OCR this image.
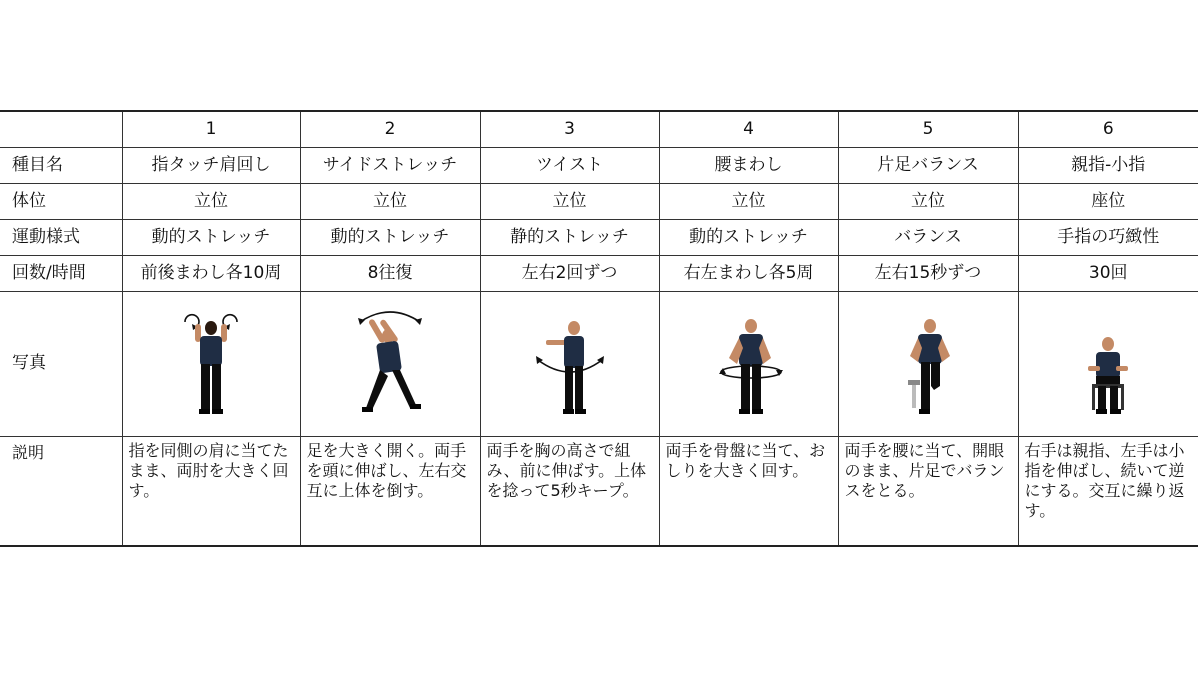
	1	2	3	4	5	6
種目名	指タッチ肩回し	サイドストレッチ	ツイスト	腰まわし	片足バランス	親指-小指
体位	立位	立位	立位	立位	立位	座位
運動様式	動的ストレッチ	動的ストレッチ	静的ストレッチ	動的ストレッチ	バランス	手指の巧緻性
回数/時間	前後まわし各10周	8往復	左右2回ずつ	右左まわし各5周	左右15秒ずつ	30回
写真	

説明	指を同側の肩に当てたまま、両肘を大きく回す。	足を大きく開く。両手を頭に伸ばし、左右交互に上体を倒す。	両手を胸の高さで組み、前に伸ばす。上体を捻って5秒キープ。	両手を骨盤に当て、おしりを大きく回す。	両手を腰に当て、開眼のまま、片足でバランスをとる。	右手は親指、左手は小指を伸ばし、続いて逆にする。交互に繰り返す。
